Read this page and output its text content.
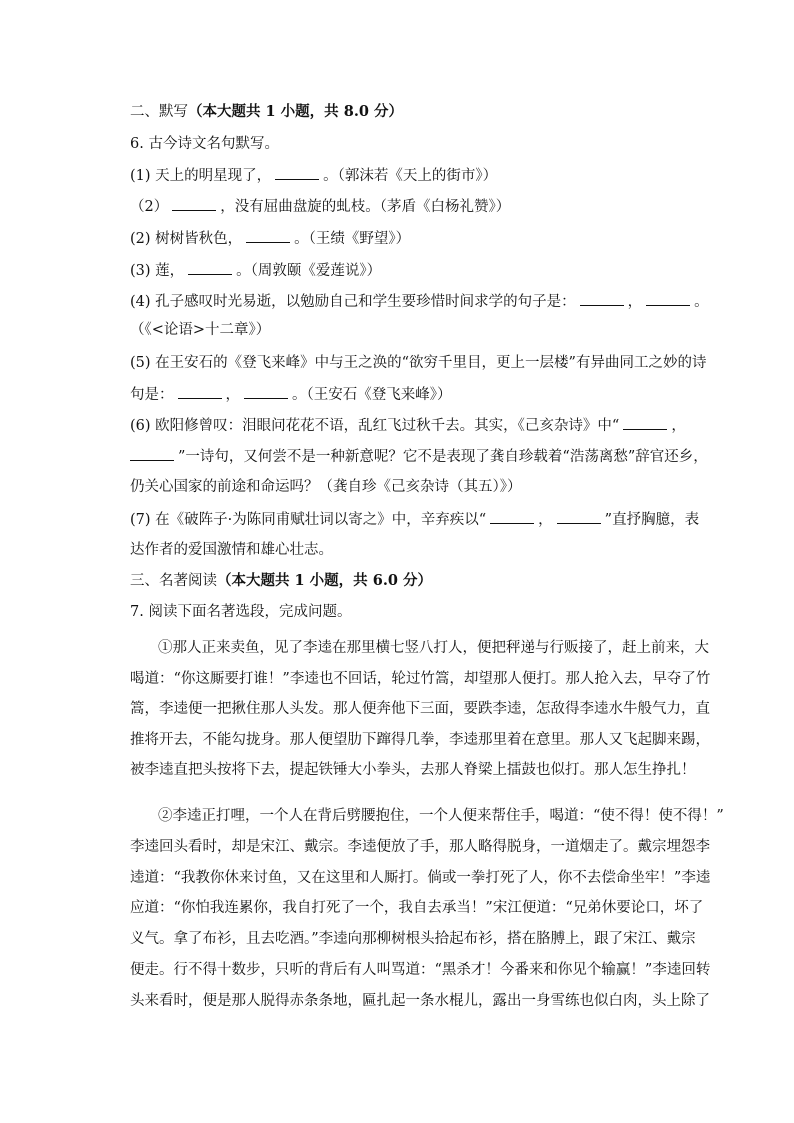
二、默写（本大题共 1 小题，共 8.0 分）
6. 古今诗文名句默写。
(1) 天上的明星现了，	。（郭沫若《天上的街市》）
（2）	，没有屈曲盘旋的虬枝。（茅盾《白杨礼赞》）
(2) 树树皆秋色，	。（王绩《野望》）
(3) 莲，	。（周敦颐《爱莲说》）
(4) 孔子感叹时光易逝，以勉励自己和学生要珍惜时间求学的句子是：	，	。
（《<论语>十二章》）
(5) 在王安石的《登飞来峰》中与王之涣的“欲穷千里目，更上一层楼”有异曲同工之妙的诗
句是：	，	。（王安石《登飞来峰》）
(6) 欧阳修曾叹：泪眼问花花不语，乱红飞过秋千去。其实，《己亥杂诗》中“	，
”一诗句，又何尝不是一种新意呢？它不是表现了龚自珍载着“浩荡离愁”辞官还乡，
仍关心国家的前途和命运吗？（龚自珍《己亥杂诗（其五）》）
(7) 在《破阵子·为陈同甫赋壮词以寄之》中，辛弃疾以“	，	”直抒胸臆，表
达作者的爱国激情和雄心壮志。
三、名著阅读（本大题共 1 小题，共 6.0 分）
7. 阅读下面名著选段，完成问题。
①那人正来卖鱼，见了李逵在那里横七竖八打人，便把秤递与行贩接了，赶上前来，大
喝道：“你这厮要打谁！”李逵也不回话，轮过竹篙，却望那人便打。那人抢入去，早夺了竹
篙，李逵便一把揪住那人头发。那人便奔他下三面，要跌李逵，怎敌得李逵水牛般气力，直
推将开去，不能勾拢身。那人便望肋下蹿得几拳，李逵那里着在意里。那人又飞起脚来踢，
被李逵直把头按将下去，提起铁锤大小拳头，去那人脊梁上擂鼓也似打。那人怎生挣扎！
②李逵正打哩，一个人在背后劈腰抱住，一个人便来帮住手，喝道：“使不得！使不得！”
李逵回头看时，却是宋江、戴宗。李逵便放了手，那人略得脱身，一道烟走了。戴宗埋怨李
逵道：“我教你休来讨鱼，又在这里和人厮打。倘或一拳打死了人，你不去偿命坐牢！”李逵
应道：“你怕我连累你，我自打死了一个，我自去承当！”宋江便道：“兄弟休要论口，坏了
义气。拿了布衫，且去吃酒。”李逵向那柳树根头拾起布衫，搭在胳膊上，跟了宋江、戴宗
便走。行不得十数步，只听的背后有人叫骂道：“黑杀才！今番来和你见个输赢！”李逵回转
头来看时，便是那人脱得赤条条地，匾扎起一条水棍儿，露出一身雪练也似白肉，头上除了
